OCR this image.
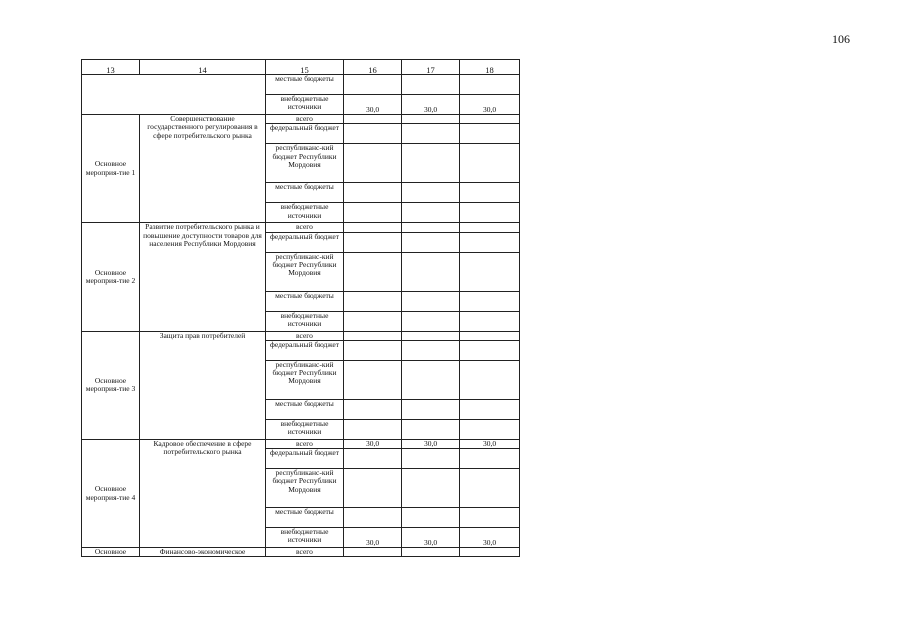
106
13	14	15	16	17	18
		местные бюджеты			
		внебюджетные источники	30,0	30,0	30,0
Основное мероприя-тие 1	Совершенствование государственного регулирования в сфере потребительского рынка	всего			
		федеральный бюджет			
		республиканс-кий бюджет Республики Мордовия			
		местные бюджеты			
		внебюджетные источники			
Основное мероприя-тие 2	Развитие потребительского рынка и повышение доступности товаров для населения Республики Мордовия	всего			
		федеральный бюджет			
		республиканс-кий бюджет Республики Мордовия			
		местные бюджеты			
		внебюджетные источники			
Основное мероприя-тие 3	Защита прав потребителей	всего			
		федеральный бюджет			
		республиканс-кий бюджет Республики Мордовия			
		местные бюджеты			
		внебюджетные источники			
Основное мероприя-тие 4	Кадровое обеспечение в сфере потребительского рынка	всего	30,0	30,0	30,0
		федеральный бюджет			
		республиканс-кий бюджет Республики Мордовия			
		местные бюджеты			
		внебюджетные источники	30,0	30,0	30,0
Основное	Финансово-экономическое	всего			
